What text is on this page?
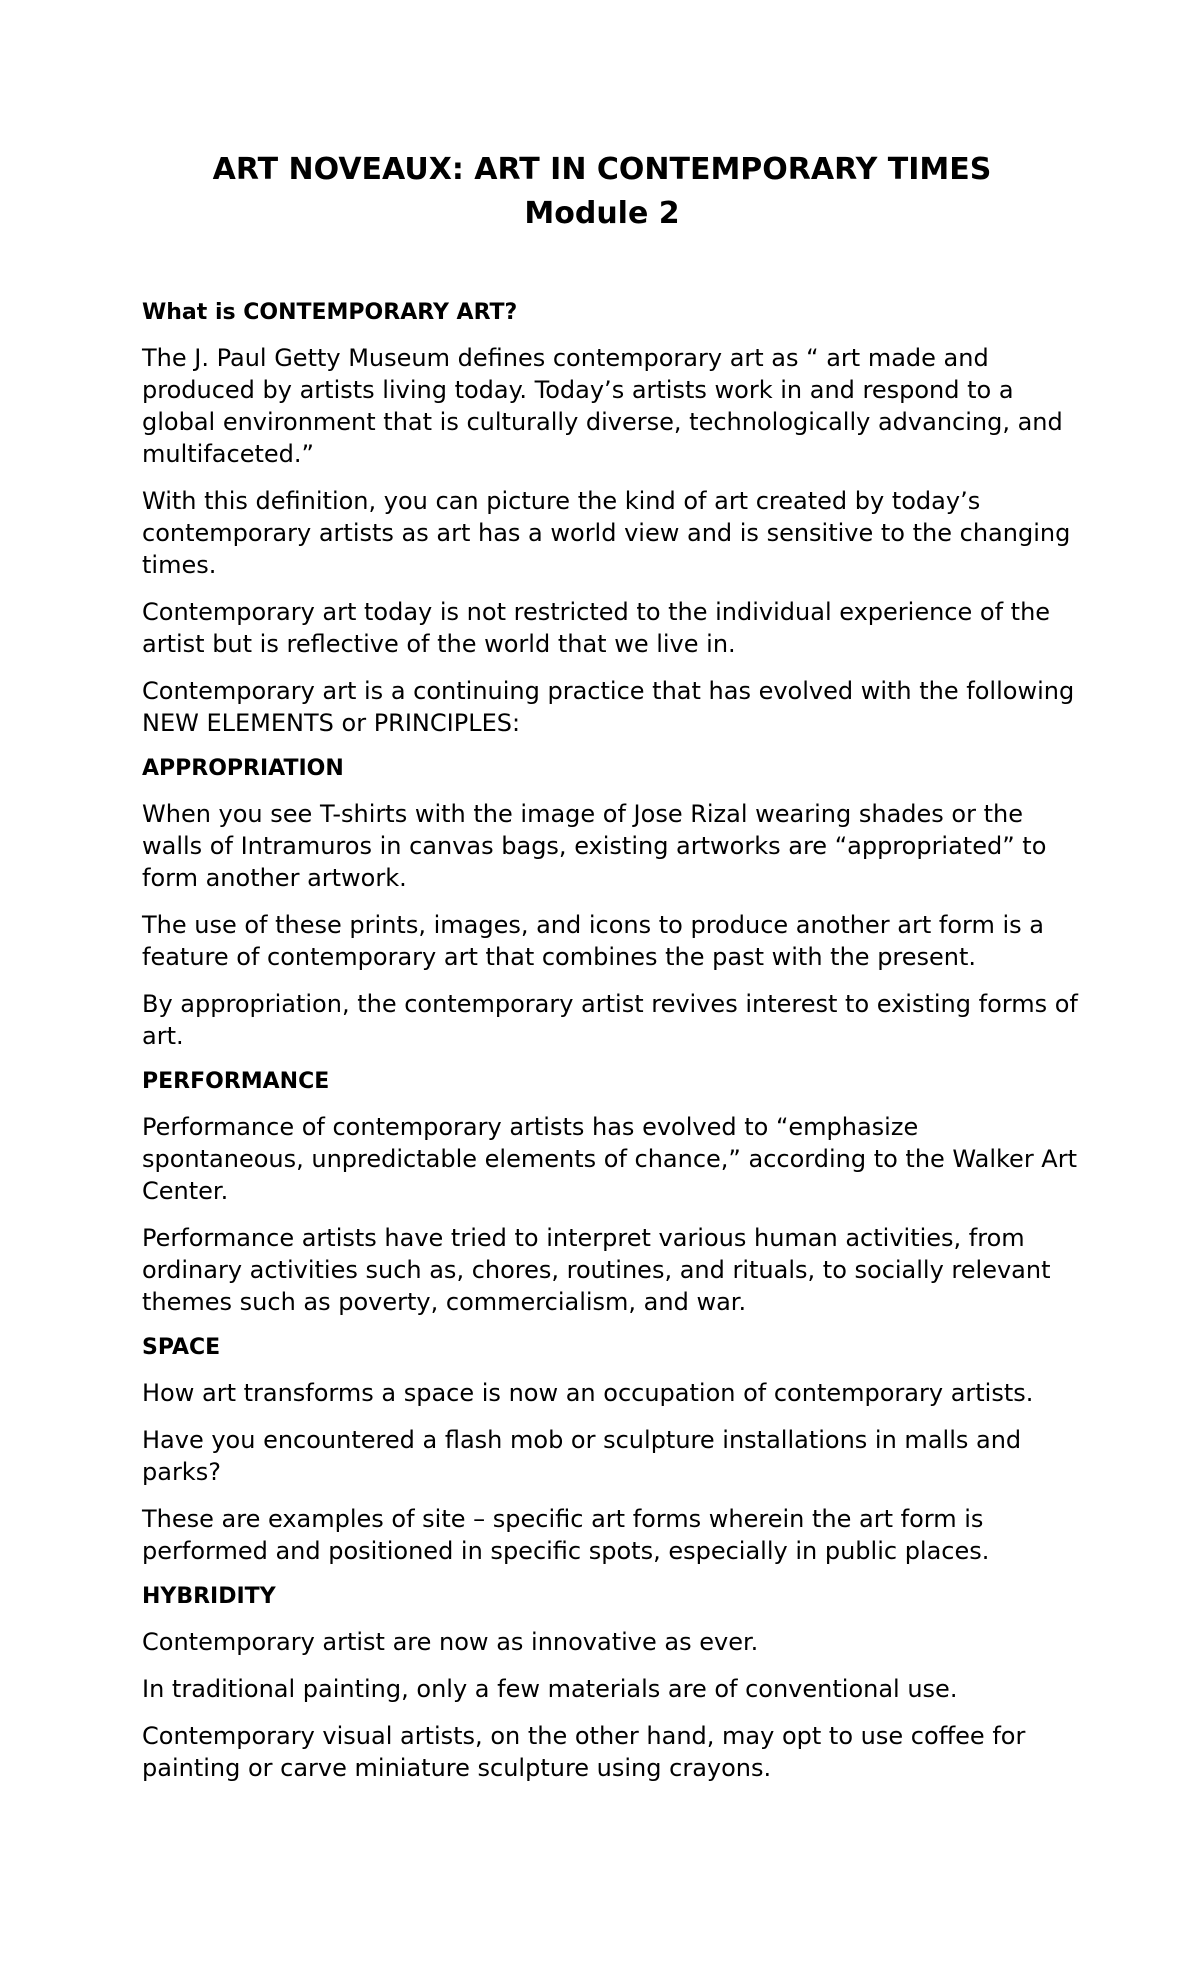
ART NOVEAUX: ART IN CONTEMPORARY TIMES
Module 2
What is CONTEMPORARY ART?

The J. Paul Getty Museum defines contemporary art as “ art made and produced by artists living today. Today’s artists work in and respond to a global environment that is culturally diverse, technologically advancing, and multifaceted.”

With this definition, you can picture the kind of art created by today’s contemporary artists as art has a world view and is sensitive to the changing times.

Contemporary art today is not restricted to the individual experience of the artist but is reflective of the world that we live in.

Contemporary art is a continuing practice that has evolved with the following NEW ELEMENTS or PRINCIPLES:

APPROPRIATION

When you see T-shirts with the image of Jose Rizal wearing shades or the walls of Intramuros in canvas bags, existing artworks are “appropriated” to form another artwork.

The use of these prints, images, and icons to produce another art form is a feature of contemporary art that combines the past with the present.

By appropriation, the contemporary artist revives interest to existing forms of art.

PERFORMANCE

Performance of contemporary artists has evolved to “emphasize spontaneous, unpredictable elements of chance,” according to the Walker Art Center.

Performance artists have tried to interpret various human activities, from ordinary activities such as, chores, routines, and rituals, to socially relevant themes such as poverty, commercialism, and war.

SPACE

How art transforms a space is now an occupation of contemporary artists.

Have you encountered a flash mob or sculpture installations in malls and parks?

These are examples of site – specific art forms wherein the art form is performed and positioned in specific spots, especially in public places.

HYBRIDITY

Contemporary artist are now as innovative as ever.

In traditional painting, only a few materials are of conventional use.

Contemporary visual artists, on the other hand, may opt to use coffee for painting or carve miniature sculpture using crayons.
